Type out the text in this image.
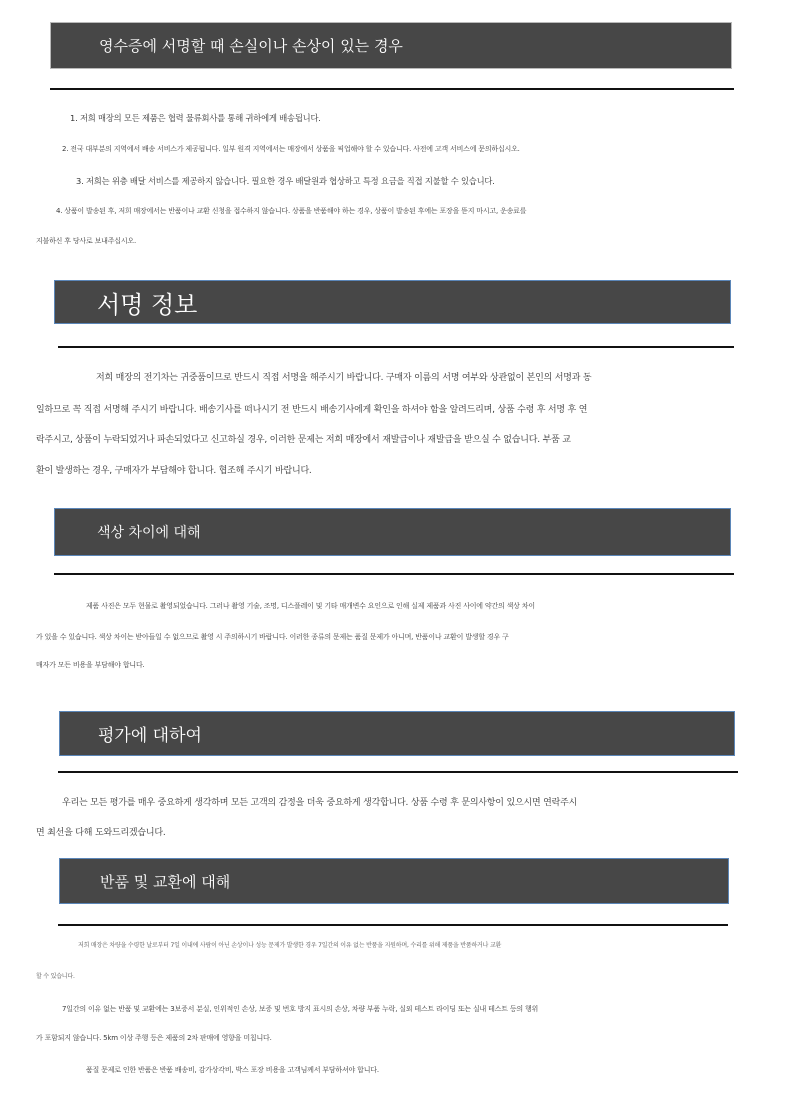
영수증에 서명할 때 손실이나 손상이 있는 경우
1. 저희 매장의 모든 제품은 협력 물류회사를 통해 귀하에게 배송됩니다.
2. 전국 대부분의 지역에서 배송 서비스가 제공됩니다. 일부 원격 지역에서는 매장에서 상품을 픽업해야 할 수 있습니다. 사전에 고객 서비스에 문의하십시오.
3. 저희는 위층 배달 서비스를 제공하지 않습니다. 필요한 경우 배달원과 협상하고 특정 요금을 직접 지불할 수 있습니다.
4. 상품이 발송된 후, 저희 매장에서는 반품이나 교환 신청을 접수하지 않습니다. 상품을 반품해야 하는 경우, 상품이 발송된 후에는 포장을 뜯지 마시고, 운송료를
지불하신 후 당사로 보내주십시오.
서명 정보
저희 매장의 전기차는 귀중품이므로 반드시 직접 서명을 해주시기 바랍니다. 구매자 이름의 서명 여부와 상관없이 본인의 서명과 동
일하므로 꼭 직접 서명해 주시기 바랍니다. 배송기사를 떠나시기 전 반드시 배송기사에게 확인을 하셔야 함을 알려드리며, 상품 수령 후 서명 후 연
락주시고, 상품이 누락되었거나 파손되었다고 신고하실 경우, 이러한 문제는 저희 매장에서 재발급이나 재발급을 받으실 수 없습니다. 부품 교
환이 발생하는 경우, 구매자가 부담해야 합니다. 협조해 주시기 바랍니다.
색상 차이에 대해
제품 사진은 모두 현물로 촬영되었습니다. 그러나 촬영 기술, 조명, 디스플레이 및 기타 매개변수 요인으로 인해 실제 제품과 사진 사이에 약간의 색상 차이
가 있을 수 있습니다. 색상 차이는 받아들일 수 없으므로 촬영 시 주의하시기 바랍니다. 이러한 종류의 문제는 품질 문제가 아니며, 반품이나 교환이 발생할 경우 구
매자가 모든 비용을 부담해야 합니다.
평가에 대하여
우리는 모든 평가를 매우 중요하게 생각하며 모든 고객의 감정을 더욱 중요하게 생각합니다. 상품 수령 후 문의사항이 있으시면 연락주시
면 최선을 다해 도와드리겠습니다.
반품 및 교환에 대해
저희 매장은 차량을 수령한 날로부터 7일 이내에 사람이 아닌 손상이나 성능 문제가 발생한 경우 7일간의 이유 없는 반품을 지원하며, 수리를 위해 제품을 반품하거나 교환
할 수 있습니다.
7일간의 이유 없는 반품 및 교환에는 3보증서 분실, 인위적인 손상, 보증 및 번호 방지 표시의 손상, 차량 부품 누락, 실외 테스트 라이딩 또는 실내 테스트 등의 행위
가 포함되지 않습니다. 5km 이상 주행 등은 제품의 2차 판매에 영향을 미칩니다.
품질 문제로 인한 반품은 반품 배송비, 감가상각비, 박스 포장 비용을 고객님께서 부담하셔야 합니다.
